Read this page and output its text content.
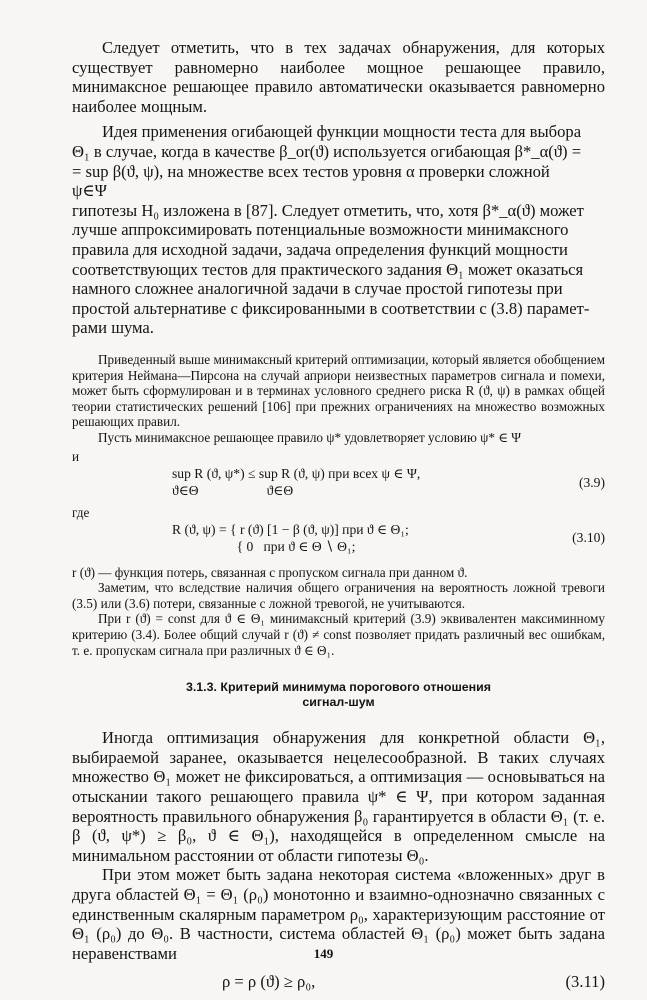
Следует отметить, что в тех задачах обнаружения, для которых существует равномерно наиболее мощное решающее правило, минимаксное решающее правило автоматически оказывается равномерно наиболее мощным.

Идея применения огибающей функции мощности теста для выбора
Θ₁ в случае, когда в качестве β_or(ϑ) используется огибающая β*_α(ϑ) =
= sup β(ϑ, ψ), на множестве всех тестов уровня α проверки сложной
ψ∈Ψ
гипотезы H₀ изложена в [87]. Следует отметить, что, хотя β*_α(ϑ) может
лучше аппроксимировать потенциальные возможности минимаксного
правила для исходной задачи, задача определения функций мощности
соответствующих тестов для практического задания Θ₁ может оказаться
намного сложнее аналогичной задачи в случае простой гипотезы при
простой альтернативе с фиксированными в соответствии с (3.8) парамет-
рами шума.

Приведенный выше минимаксный критерий оптимизации, который является обобщением критерия Неймана—Пирсона на случай априори неизвестных параметров сигнала и помехи, может быть сформулирован и в терминах условного среднего риска R (ϑ, ψ) в рамках общей теории статистических решений [106] при прежних ограничениях на множество возможных решающих правил.

Пусть минимаксное решающее правило ψ* удовлетворяет условию ψ* ∈ Ψ

и

sup R (ϑ, ψ*) ≤ sup R (ϑ, ψ) при всех ψ ∈ Ψ,
ϑ∈Θ                    ϑ∈Θ
(3.9)

где

R (ϑ, ψ) = { r (ϑ) [1 − β (ϑ, ψ)] при ϑ ∈ Θ₁;
{ 0   при ϑ ∈ Θ ∖ Θ₁;
(3.10)

r (ϑ) — функция потерь, связанная с пропуском сигнала при данном ϑ.

Заметим, что вследствие наличия общего ограничения на вероятность ложной тревоги (3.5) или (3.6) потери, связанные с ложной тревогой, не учитываются.

При r (ϑ) = const для ϑ ∈ Θ₁ минимаксный критерий (3.9) эквивалентен максиминному критерию (3.4). Более общий случай r (ϑ) ≠ const позволяет придать различный вес ошибкам, т. е. пропускам сигнала при различных ϑ ∈ Θ₁.

3.1.3. Критерий минимума порогового отношения
сигнал-шум

Иногда оптимизация обнаружения для конкретной области Θ₁, выбираемой заранее, оказывается нецелесообразной. В таких случаях множество Θ₁ может не фиксироваться, а оптимизация — основываться на отыскании такого решающего правила ψ* ∈ Ψ, при котором заданная вероятность правильного обнаружения β₀ гарантируется в области Θ₁ (т. е. β (ϑ, ψ*) ≥ β₀, ϑ ∈ Θ₁), находящейся в определенном смысле на минимальном расстоянии от области гипотезы Θ₀.

При этом может быть задана некоторая система «вложенных» друг в друга областей Θ₁ = Θ₁ (ρ₀) монотонно и взаимно-однозначно связанных с единственным скалярным параметром ρ₀, характеризующим расстояние от Θ₁ (ρ₀) до Θ₀. В частности, система областей Θ₁ (ρ₀) может быть задана неравенствами

ρ = ρ (ϑ) ≥ ρ₀,	(3.11)
149
